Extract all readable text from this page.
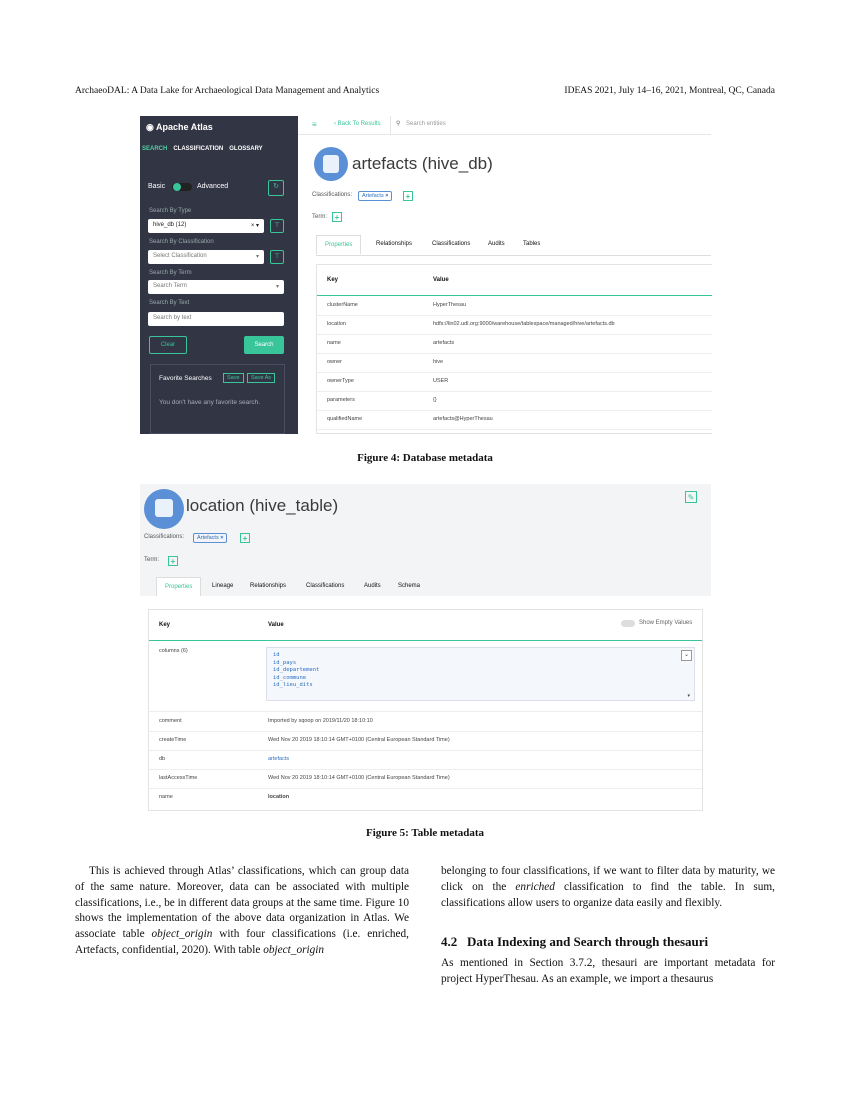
ArchaeoDAL: A Data Lake for Archaeological Data Management and Analytics	IDEAS 2021, July 14–16, 2021, Montreal, QC, Canada
◉ Apache Atlas
SEARCH CLASSIFICATION GLOSSARY
Basic	Advanced	↻
Search By Type
hive_db (12)	× ▾	⊤
Search By Classification
Select Classification	▾	⊤
Search By Term
Search Term	▾
Search By Text
Search by text
Clear	Search
Favorite Searches	Save	Save As
You don't have any favorite search.
≡	‹ Back To Results	⚲ Search entities
artefacts (hive_db)
Classifications:	Artefacts ×	+
Term: +
Properties	Relationships	Classifications	Audits	Tables
Key	Value
clusterName	HyperThesau
location	hdfs://lin02.udl.org:9000/warehouse/tablespace/managed/hive/artefacts.db
name	artefacts
owner	hive
ownerType	USER
parameters	{}
qualifiedName	artefacts@HyperThesau
Figure 4: Database metadata
location (hive_table)	✎
Classifications:	Artefacts ×	+
Term:	+
Properties	Lineage	Relationships	Classifications	Audits	Schema
Key	Value	Show Empty Values
columns (6)
id
id_pays
id_departement
id_commune
id_lieu_dits
⌄
▾
comment	Imported by sqoop on 2019/11/20 18:10:10
createTime	Wed Nov 20 2019 18:10:14 GMT+0100 (Central European Standard Time)
db	artefacts
lastAccessTime	Wed Nov 20 2019 18:10:14 GMT+0100 (Central European Standard Time)
name	location
Figure 5: Table metadata
This is achieved through Atlas’ classifications, which can group data of the same nature. Moreover, data can be associated with multiple classifications, i.e., be in different data groups at the same time. Figure 10 shows the implementation of the above data organization in Atlas. We associate table object_origin with four classifications (i.e. enriched, Artefacts, confidential, 2020). With table object_origin
belonging to four classifications, if we want to filter data by maturity, we click on the enriched classification to find the table. In sum, classifications allow users to organize data easily and flexibly.
4.2   Data Indexing and Search through thesauri
As mentioned in Section 3.7.2, thesauri are important metadata for project HyperThesau. As an example, we import a thesaurus
